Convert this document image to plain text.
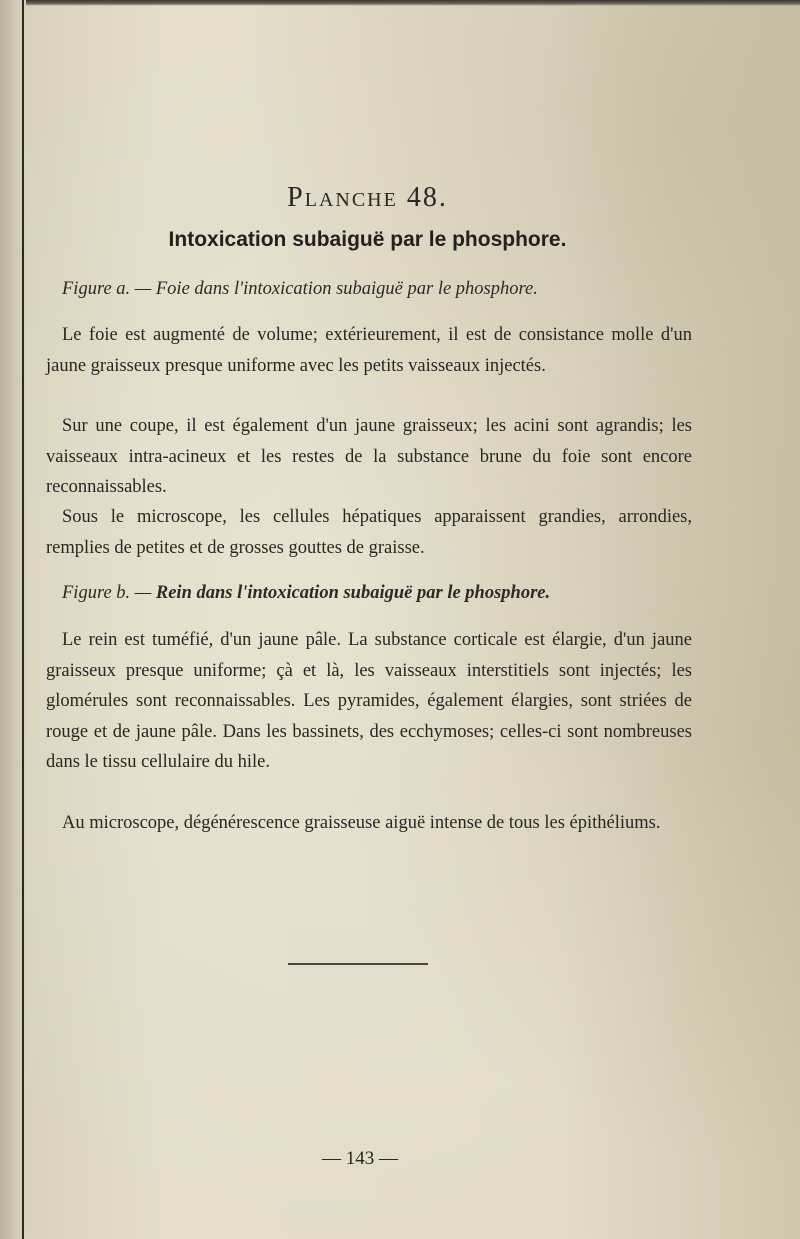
Planche 48.
Intoxication subaiguë par le phosphore.
Figure a. — Foie dans l'intoxication subaiguë par le phosphore.
Le foie est augmenté de volume; extérieurement, il est de consistance molle d'un jaune graisseux presque uniforme avec les petits vaisseaux injectés.
Sur une coupe, il est également d'un jaune graisseux; les acini sont agrandis; les vaisseaux intra-acineux et les restes de la substance brune du foie sont encore reconnaissables.
Sous le microscope, les cellules hépatiques apparaissent grandies, arrondies, remplies de petites et de grosses gouttes de graisse.
Figure b. — Rein dans l'intoxication subaiguë par le phosphore.
Le rein est tuméfié, d'un jaune pâle. La substance corticale est élargie, d'un jaune graisseux presque uniforme; çà et là, les vaisseaux interstitiels sont injectés; les glomérules sont reconnaissables. Les pyramides, également élargies, sont striées de rouge et de jaune pâle. Dans les bassinets, des ecchymoses; celles-ci sont nombreuses dans le tissu cellulaire du hile.
Au microscope, dégénérescence graisseuse aiguë intense de tous les épithéliums.
— 143 —
